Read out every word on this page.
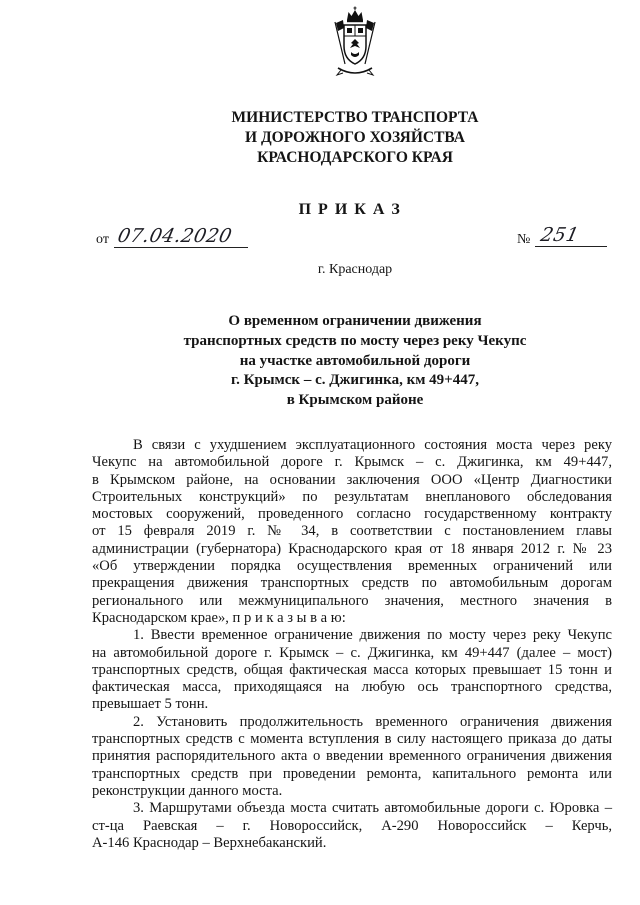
МИНИСТЕРСТВО ТРАНСПОРТА
И ДОРОЖНОГО ХОЗЯЙСТВА
КРАСНОДАРСКОГО КРАЯ
П Р И К А З
от 07.04.2020	№ 251
г. Краснодар
О временном ограничении движения
транспортных средств по мосту через реку Чекупс
на участке автомобильной дороги
г. Крымск – с. Джигинка, км 49+447,
в Крымском районе
В связи с ухудшением эксплуатационного состояния моста через реку
Чекупс на автомобильной дороге г. Крымск – с. Джигинка, км 49+447,
в Крымском районе, на основании заключения ООО «Центр Диагностики
Строительных конструкций» по результатам внепланового обследования
мостовых сооружений, проведенного согласно государственному контракту
от 15 февраля 2019 г. № 34, в соответствии с постановлением главы
администрации (губернатора) Краснодарского края от 18 января 2012 г. № 23
«Об утверждении порядка осуществления временных ограничений или
прекращения движения транспортных средств по автомобильным дорогам
регионального или межмуниципального значения, местного значения в
Краснодарском крае», п р и к а з ы в а ю:
1. Ввести временное ограничение движения по мосту через реку Чекупс
на автомобильной дороге г. Крымск – с. Джигинка, км 49+447 (далее – мост)
транспортных средств, общая фактическая масса которых превышает 15 тонн и
фактическая масса, приходящаяся на любую ось транспортного средства,
превышает 5 тонн.
2. Установить продолжительность временного ограничения движения
транспортных средств с момента вступления в силу настоящего приказа до даты
принятия распорядительного акта о введении временного ограничения движения
транспортных средств при проведении ремонта, капитального ремонта или
реконструкции данного моста.
3. Маршрутами объезда моста считать автомобильные дороги с. Юровка –
ст-ца Раевская – г. Новороссийск, А-290 Новороссийск – Керчь,
А-146 Краснодар – Верхнебаканский.
